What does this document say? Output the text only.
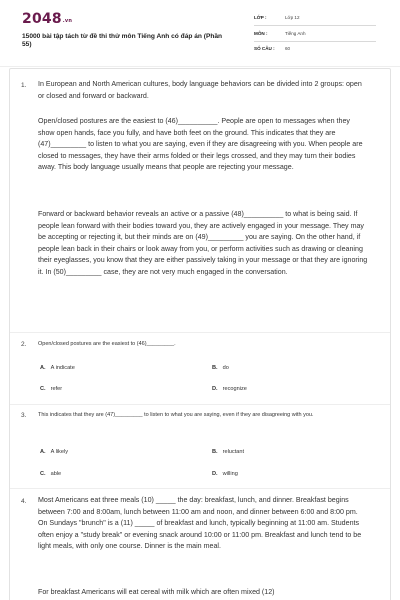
2048.vn
15000 bài tập tách từ đề thi thử môn Tiếng Anh có đáp án (Phần 55)
LỚP :	Lớp 12
MÔN :	Tiếng Anh
SỐ CÂU : 60
1. In European and North American cultures, body language behaviors can be divided into 2 groups: open or closed and forward or backward.
Open/closed postures are the easiest to (46)__________. People are open to messages when they show open hands, face you fully, and have both feet on the ground. This indicates that they are (47)_________ to listen to what you are saying, even if they are disagreeing with you. When people are closed to messages, they have their arms folded or their legs crossed, and they may turn their bodies away. This body language usually means that people are rejecting your message.
Forward or backward behavior reveals an active or a passive (48)__________ to what is being said. If people lean forward with their bodies toward you, they are actively engaged in your message. They may be accepting or rejecting it, but their minds are on (49)_________ you are saying. On the other hand, if people lean back in their chairs or look away from you, or perform activities such as drawing or cleaning their eyeglasses, you know that they are either passively taking in your message or that they are ignoring it. In (50)_________ case, they are not very much engaged in the conversation.
2. Open/closed postures are the easiest to (46)_________.
A. A indicate	B. do
C. refer	D. recognize
3. This indicates that they are (47)_________ to listen to what you are saying, even if they are disagreeing with you.
A. A likely	B. reluctant
C. able	D. willing
4. Most Americans eat three meals (10) _____ the day: breakfast, lunch, and dinner. Breakfast begins between 7:00 and 8:00am, lunch between 11:00 am and noon, and dinner between 6:00 and 8:00 pm. On Sundays "brunch" is a (11) _____ of breakfast and lunch, typically beginning at 11:00 am. Students often enjoy a "study break" or evening snack around 10:00 or 11:00 pm. Breakfast and lunch tend to be light meals, with only one course. Dinner is the main meal.
For breakfast Americans will eat cereal with milk which are often mixed (12)
